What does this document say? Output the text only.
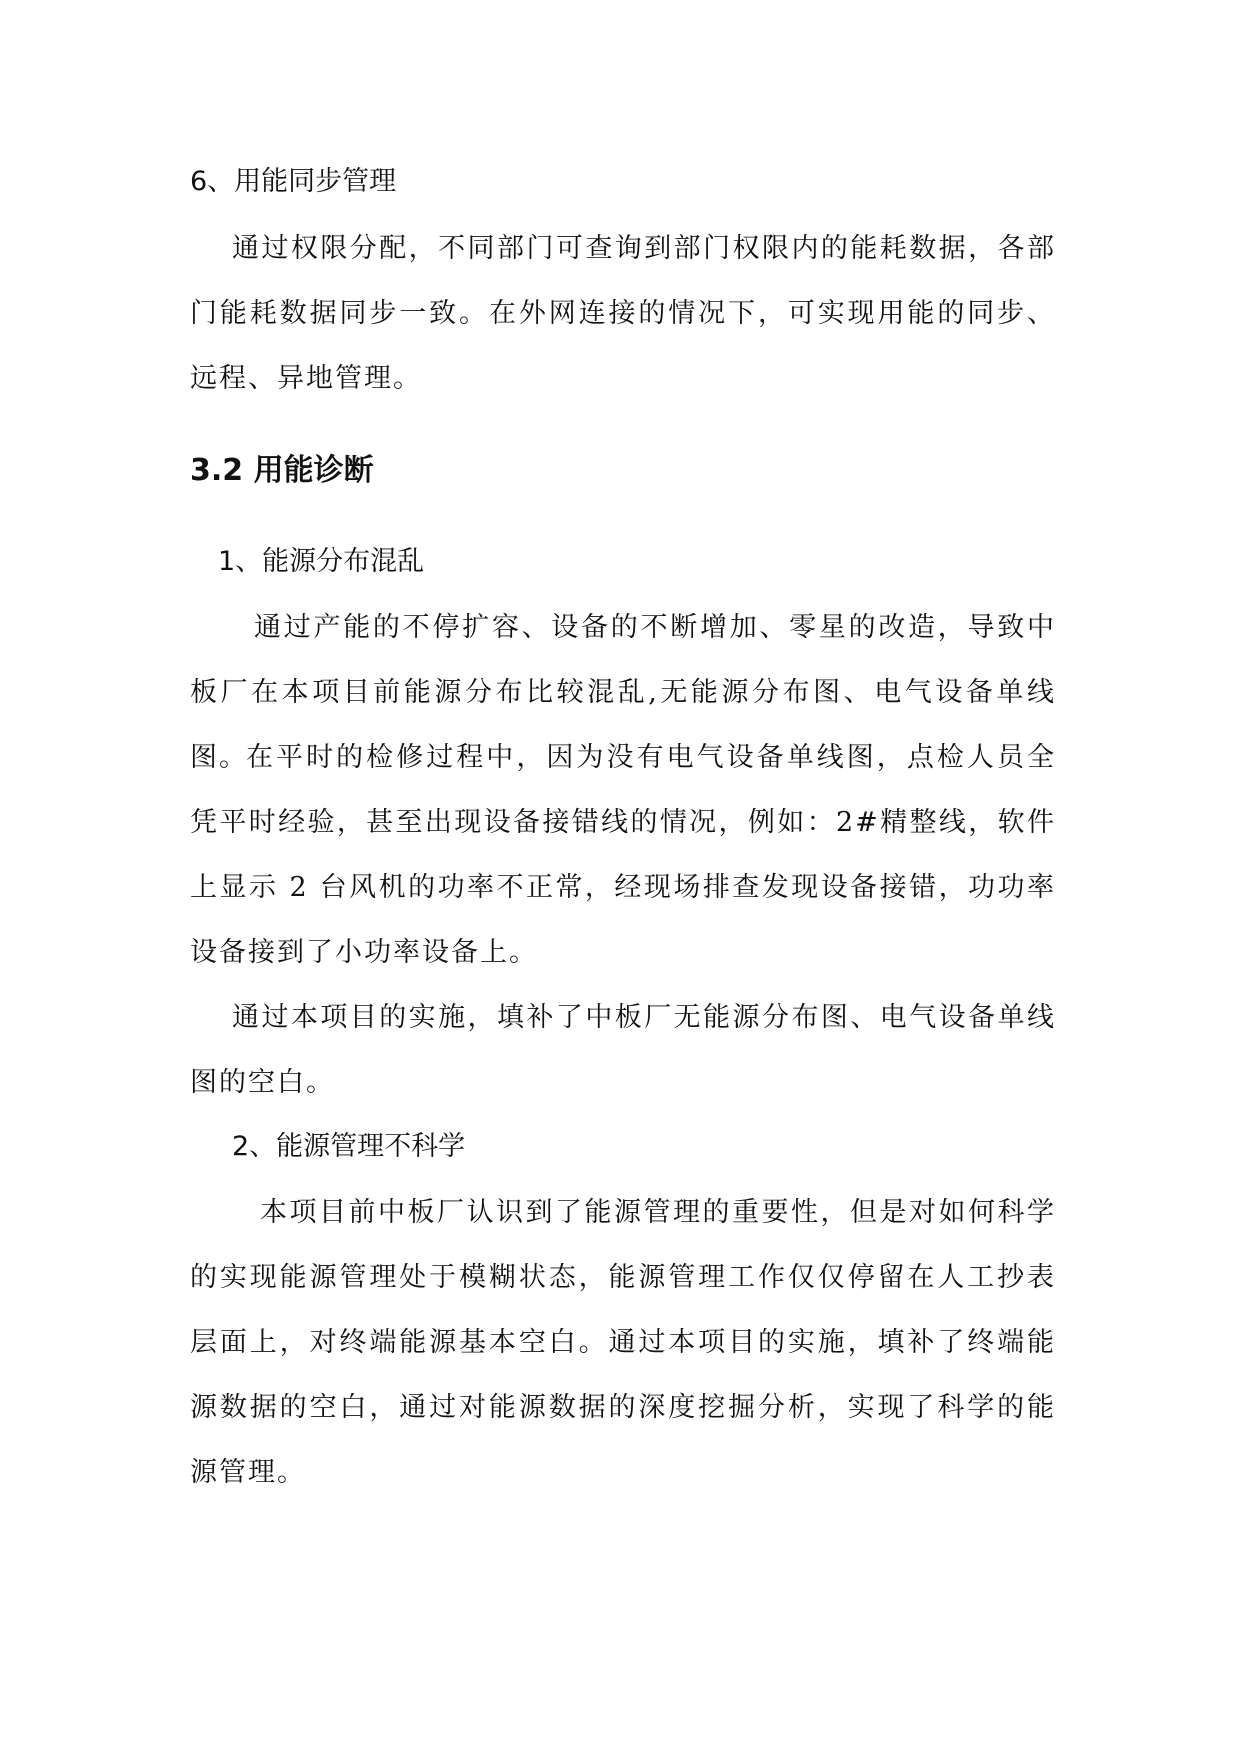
6、用能同步管理

通过权限分配，不同部门可查询到部门权限内的能耗数据，各部门能耗数据同步一致。在外网连接的情况下，可实现用能的同步、远程、异地管理。

3.2 用能诊断
1、能源分布混乱

通过产能的不停扩容、设备的不断增加、零星的改造，导致中板厂在本项目前能源分布比较混乱,无能源分布图、电气设备单线图。

在平时的检修过程中，因为没有电气设备单线图，点检人员全凭平时经验，甚至出现设备接错线的情况，例如：2#精整线，软件上显示 2 台风机的功率不正常，经现场排查发现设备接错，功功率设备接到了小功率设备上。

通过本项目的实施，填补了中板厂无能源分布图、电气设备单线图的空白。

2、能源管理不科学

本项目前中板厂认识到了能源管理的重要性，但是对如何科学的实现能源管理处于模糊状态，能源管理工作仅仅停留在人工抄表层面上，对终端能源基本空白。通过本项目的实施，填补了终端能源数据的空白，通过对能源数据的深度挖掘分析，实现了科学的能源管理。
